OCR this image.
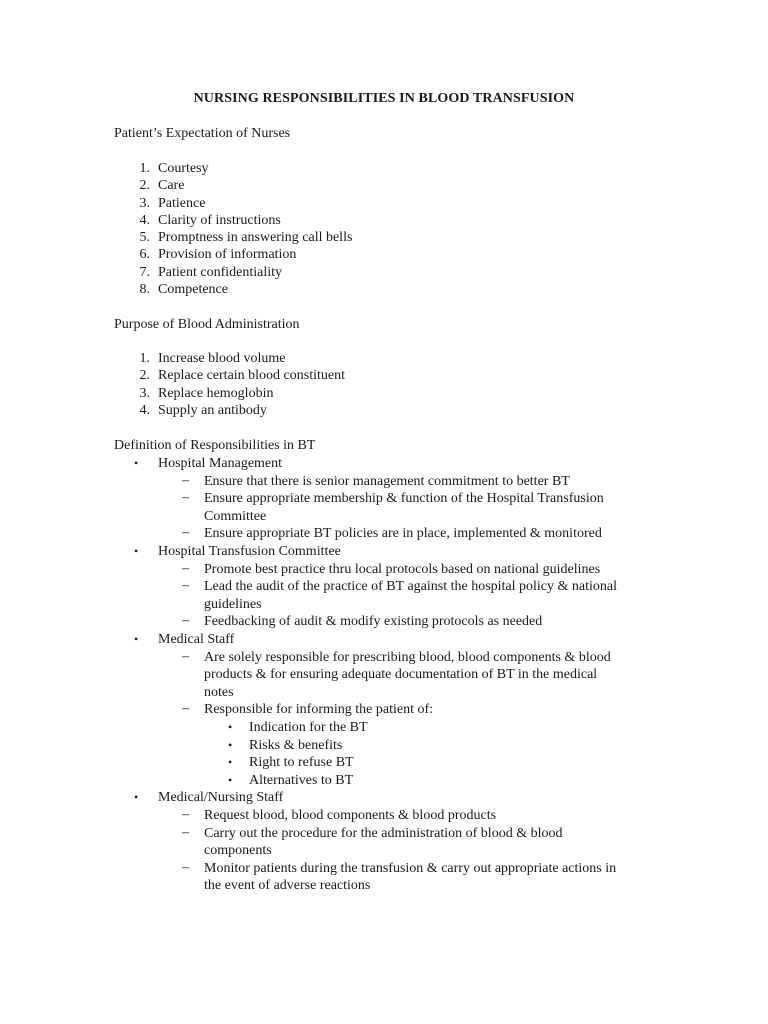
NURSING RESPONSIBILITIES IN BLOOD TRANSFUSION
Patient’s Expectation of Nurses
1. Courtesy
2. Care
3. Patience
4. Clarity of instructions
5. Promptness in answering call bells
6. Provision of information
7. Patient confidentiality
8. Competence
Purpose of Blood Administration
1. Increase blood volume
2. Replace certain blood constituent
3. Replace hemoglobin
4. Supply an antibody
Definition of Responsibilities in BT
• Hospital Management
– Ensure that there is senior management commitment to better BT
– Ensure appropriate membership & function of the Hospital Transfusion
Committee
– Ensure appropriate BT policies are in place, implemented & monitored
• Hospital Transfusion Committee
– Promote best practice thru local protocols based on national guidelines
– Lead the audit of the practice of BT against the hospital policy & national
guidelines
– Feedbacking of audit & modify existing protocols as needed
• Medical Staff
– Are solely responsible for prescribing blood, blood components & blood
products & for ensuring adequate documentation of BT in the medical
notes
– Responsible for informing the patient of:
• Indication for the BT
• Risks & benefits
• Right to refuse BT
• Alternatives to BT
• Medical/Nursing Staff
– Request blood, blood components & blood products
– Carry out the procedure for the administration of blood & blood
components
– Monitor patients during the transfusion & carry out appropriate actions in
the event of adverse reactions
